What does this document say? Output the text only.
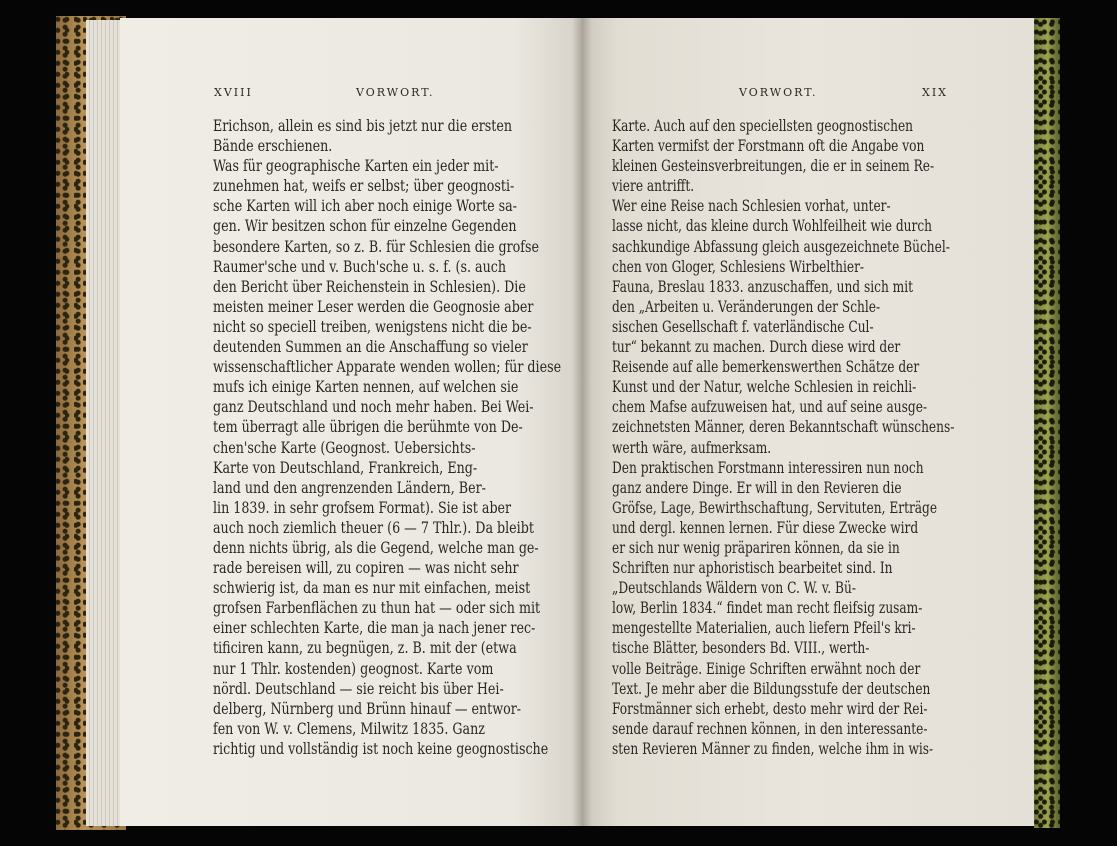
XVIII	VORWORT.
Erichson, allein es sind bis jetzt nur die ersten
Bände erschienen.
Was für geographische Karten ein jeder mit-
zunehmen hat, weifs er selbst; über geognosti-
sche Karten will ich aber noch einige Worte sa-
gen. Wir besitzen schon für einzelne Gegenden
besondere Karten, so z. B. für Schlesien die grofse
Raumer'sche und v. Buch'sche u. s. f. (s. auch
den Bericht über Reichenstein in Schlesien). Die
meisten meiner Leser werden die Geognosie aber
nicht so speciell treiben, wenigstens nicht die be-
deutenden Summen an die Anschaffung so vieler
wissenschaftlicher Apparate wenden wollen; für diese
mufs ich einige Karten nennen, auf welchen sie
ganz Deutschland und noch mehr haben. Bei Wei-
tem überragt alle übrigen die berühmte von De-
chen'sche Karte (Geognost. Uebersichts-
Karte von Deutschland, Frankreich, Eng-
land und den angrenzenden Ländern, Ber-
lin 1839. in sehr grofsem Format). Sie ist aber
auch noch ziemlich theuer (6 — 7 Thlr.). Da bleibt
denn nichts übrig, als die Gegend, welche man ge-
rade bereisen will, zu copiren — was nicht sehr
schwierig ist, da man es nur mit einfachen, meist
grofsen Farbenflächen zu thun hat — oder sich mit
einer schlechten Karte, die man ja nach jener rec-
tificiren kann, zu begnügen, z. B. mit der (etwa
nur 1 Thlr. kostenden) geognost. Karte vom
nördl. Deutschland — sie reicht bis über Hei-
delberg, Nürnberg und Brünn hinauf — entwor-
fen von W. v. Clemens, Milwitz 1835. Ganz
richtig und vollständig ist noch keine geognostische
VORWORT.	XIX
Karte. Auch auf den speciellsten geognostischen
Karten vermifst der Forstmann oft die Angabe von
kleinen Gesteinsverbreitungen, die er in seinem Re-
viere antrifft.
Wer eine Reise nach Schlesien vorhat, unter-
lasse nicht, das kleine durch Wohlfeilheit wie durch
sachkundige Abfassung gleich ausgezeichnete Büchel-
chen von Gloger, Schlesiens Wirbelthier-
Fauna, Breslau 1833. anzuschaffen, und sich mit
den „Arbeiten u. Veränderungen der Schle-
sischen Gesellschaft f. vaterländische Cul-
tur“ bekannt zu machen. Durch diese wird der
Reisende auf alle bemerkenswerthen Schätze der
Kunst und der Natur, welche Schlesien in reichli-
chem Mafse aufzuweisen hat, und auf seine ausge-
zeichnetsten Männer, deren Bekanntschaft wünschens-
werth wäre, aufmerksam.
Den praktischen Forstmann interessiren nun noch
ganz andere Dinge. Er will in den Revieren die
Gröfse, Lage, Bewirthschaftung, Servituten, Erträge
und dergl. kennen lernen. Für diese Zwecke wird
er sich nur wenig präpariren können, da sie in
Schriften nur aphoristisch bearbeitet sind. In
„Deutschlands Wäldern von C. W. v. Bü-
low, Berlin 1834.“ findet man recht fleifsig zusam-
mengestellte Materialien, auch liefern Pfeil's kri-
tische Blätter, besonders Bd. VIII., werth-
volle Beiträge. Einige Schriften erwähnt noch der
Text. Je mehr aber die Bildungsstufe der deutschen
Forstmänner sich erhebt, desto mehr wird der Rei-
sende darauf rechnen können, in den interessante-
sten Revieren Männer zu finden, welche ihm in wis-
